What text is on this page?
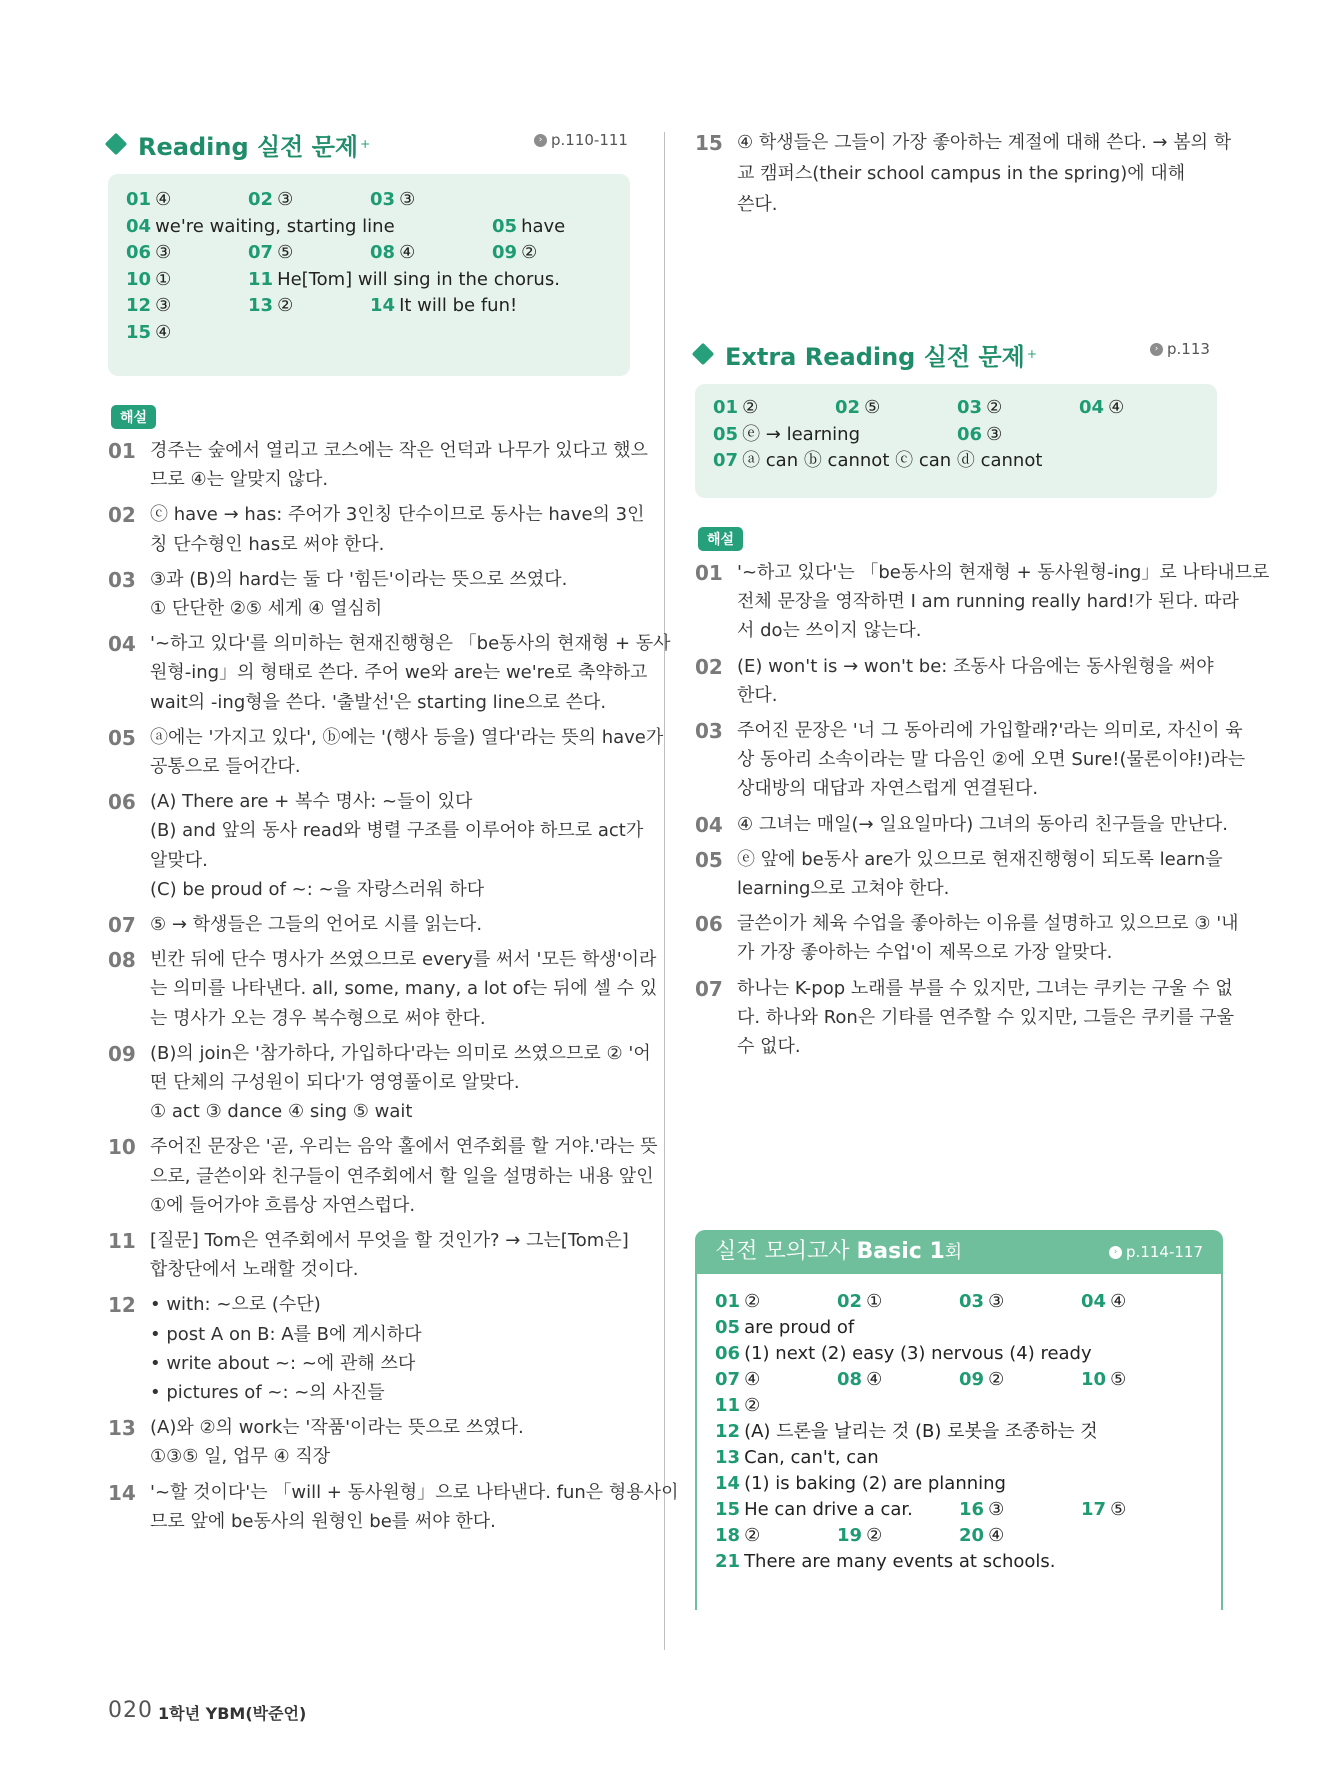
Reading 실전 문제 +	› p.110-111
01 ④	02 ③	03 ③
04 we're waiting, starting line	05 have
06 ③	07 ⑤	08 ④	09 ②
10 ①	11 He[Tom] will sing in the chorus.
12 ③	13 ②	14 It will be fun!
15 ④
해설
01 경주는 숲에서 열리고 코스에는 작은 언덕과 나무가 있다고 했으
므로 ④는 알맞지 않다.
02 ⓒ have → has: 주어가 3인칭 단수이므로 동사는 have의 3인
칭 단수형인 has로 써야 한다.
03 ③과 (B)의 hard는 둘 다 '힘든'이라는 뜻으로 쓰였다.
① 단단한 ②⑤ 세게 ④ 열심히
04 '~하고 있다'를 의미하는 현재진행형은 「be동사의 현재형 + 동사
원형-ing」의 형태로 쓴다. 주어 we와 are는 we're로 축약하고
wait의 -ing형을 쓴다. '출발선'은 starting line으로 쓴다.
05 ⓐ에는 '가지고 있다', ⓑ에는 '(행사 등을) 열다'라는 뜻의 have가
공통으로 들어간다.
06 (A) There are + 복수 명사: ~들이 있다
(B) and 앞의 동사 read와 병렬 구조를 이루어야 하므로 act가
알맞다.
(C) be proud of ~: ~을 자랑스러워 하다
07 ⑤ → 학생들은 그들의 언어로 시를 읽는다.
08 빈칸 뒤에 단수 명사가 쓰였으므로 every를 써서 '모든 학생'이라
는 의미를 나타낸다. all, some, many, a lot of는 뒤에 셀 수 있
는 명사가 오는 경우 복수형으로 써야 한다.
09 (B)의 join은 '참가하다, 가입하다'라는 의미로 쓰였으므로 ② '어
떤 단체의 구성원이 되다'가 영영풀이로 알맞다.
① act ③ dance ④ sing ⑤ wait
10 주어진 문장은 '곧, 우리는 음악 홀에서 연주회를 할 거야.'라는 뜻
으로, 글쓴이와 친구들이 연주회에서 할 일을 설명하는 내용 앞인
①에 들어가야 흐름상 자연스럽다.
11 [질문] Tom은 연주회에서 무엇을 할 것인가? → 그는[Tom은]
합창단에서 노래할 것이다.
12 • with: ~으로 (수단)
• post A on B: A를 B에 게시하다
• write about ~: ~에 관해 쓰다
• pictures of ~: ~의 사진들
13 (A)와 ②의 work는 '작품'이라는 뜻으로 쓰였다.
①③⑤ 일, 업무 ④ 직장
14 '~할 것이다'는 「will + 동사원형」으로 나타낸다. fun은 형용사이
므로 앞에 be동사의 원형인 be를 써야 한다.
15 ④ 학생들은 그들이 가장 좋아하는 계절에 대해 쓴다. → 봄의 학
교 캠퍼스(their school campus in the spring)에 대해
쓴다.
Extra Reading 실전 문제 +	› p.113
01 ②	02 ⑤	03 ②	04 ④
05 ⓔ → learning	06 ③
07 ⓐ can ⓑ cannot ⓒ can ⓓ cannot
해설
01 '~하고 있다'는 「be동사의 현재형 + 동사원형-ing」로 나타내므로
전체 문장을 영작하면 I am running really hard!가 된다. 따라
서 do는 쓰이지 않는다.
02 (E) won't is → won't be: 조동사 다음에는 동사원형을 써야
한다.
03 주어진 문장은 '너 그 동아리에 가입할래?'라는 의미로, 자신이 육
상 동아리 소속이라는 말 다음인 ②에 오면 Sure!(물론이야!)라는
상대방의 대답과 자연스럽게 연결된다.
04 ④ 그녀는 매일(→ 일요일마다) 그녀의 동아리 친구들을 만난다.
05 ⓔ 앞에 be동사 are가 있으므로 현재진행형이 되도록 learn을
learning으로 고쳐야 한다.
06 글쓴이가 체육 수업을 좋아하는 이유를 설명하고 있으므로 ③ '내
가 가장 좋아하는 수업'이 제목으로 가장 알맞다.
07 하나는 K-pop 노래를 부를 수 있지만, 그녀는 쿠키는 구울 수 없
다. 하나와 Ron은 기타를 연주할 수 있지만, 그들은 쿠키를 구울
수 없다.
실전 모의고사 Basic 1회	› p.114-117
01 ②	02 ①	03 ③	04 ④
05 are proud of
06 (1) next (2) easy (3) nervous (4) ready
07 ④	08 ④	09 ②	10 ⑤
11 ②
12 (A) 드론을 날리는 것 (B) 로봇을 조종하는 것
13 Can, can't, can
14 (1) is baking (2) are planning
15 He can drive a car.	16 ③	17 ⑤
18 ②	19 ②	20 ④
21 There are many events at schools.
020 1학년 YBM(박준언)
